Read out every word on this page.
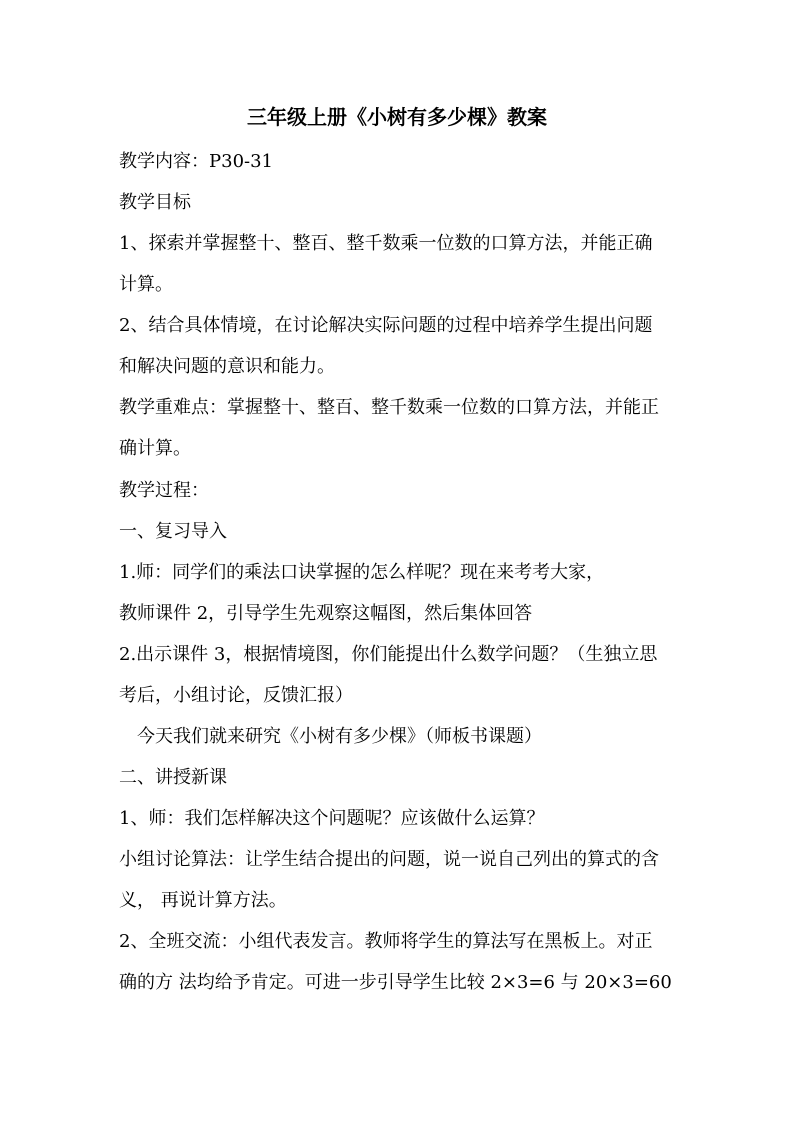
三年级上册《小树有多少棵》教案
教学内容：P30-31
教学目标
1、探索并掌握整十、整百、整千数乘一位数的口算方法，并能正确
计算。
2、结合具体情境，在讨论解决实际问题的过程中培养学生提出问题
和解决问题的意识和能力。
教学重难点：掌握整十、整百、整千数乘一位数的口算方法，并能正
确计算。
教学过程：
一、复习导入
1.师：同学们的乘法口诀掌握的怎么样呢？现在来考考大家，
教师课件 2，引导学生先观察这幅图，然后集体回答
2.出示课件 3，根据情境图，你们能提出什么数学问题？（生独立思
考后，小组讨论，反馈汇报）
今天我们就来研究《小树有多少棵》（师板书课题）
二、讲授新课
1、师：我们怎样解决这个问题呢？应该做什么运算？
小组讨论算法：让学生结合提出的问题，说一说自己列出的算式的含
义， 再说计算方法。
2、全班交流：小组代表发言。教师将学生的算法写在黑板上。对正
确的方 法均给予肯定。可进一步引导学生比较 2×3=6 与 20×3=60
